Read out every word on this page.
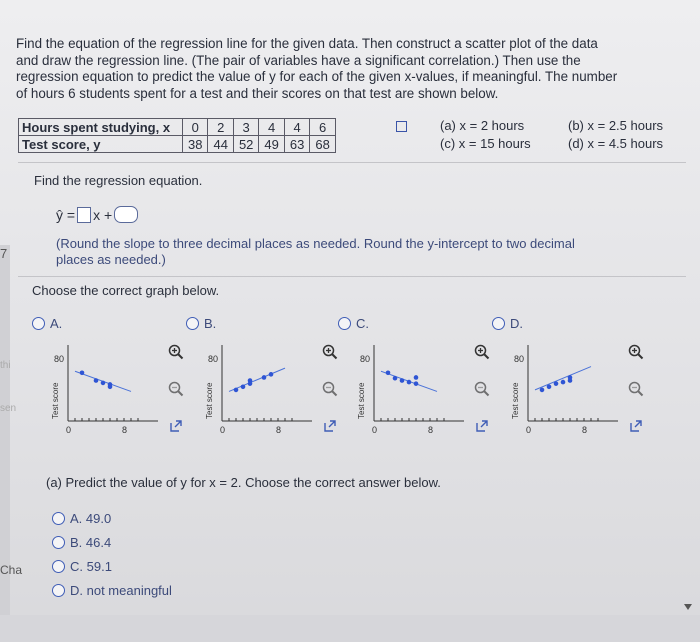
7
thi
sen
Cha
Find the equation of the regression line for the given data. Then construct a scatter plot of the data
and draw the regression line. (The pair of variables have a significant correlation.) Then use the
regression equation to predict the value of y for each of the given x-values, if meaningful. The number
of hours 6 students spent for a test and their scores on that test are shown below.
Hours spent studying, x	0	2	3	4	4	6
Test score, y	38	44	52	49	63	68
(a) x = 2 hours	(b) x = 2.5 hours
(c) x = 15 hours	(d) x = 4.5 hours
Find the regression equation.
ŷ = x +
(Round the slope to three decimal places as needed. Round the y-intercept to two decimal
places as needed.)
Choose the correct graph below.
A.
80
0	8
Test score
B.
80
0	8
Test score
C.
80
0	8
Test score
D.
80
0	8
Test score
(a) Predict the value of y for x = 2. Choose the correct answer below.
A. 49.0
B. 46.4
C. 59.1
D. not meaningful
